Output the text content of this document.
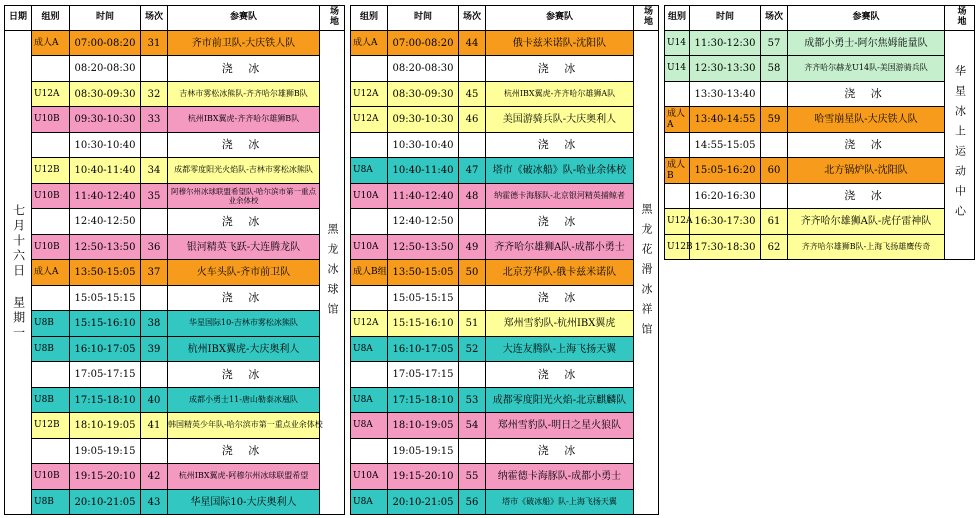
日期	组别	时间	场次	参赛队	场地
七月十六日 星期一	成人A	07:00-08:20	31	齐市前卫队-大庆铁人队	黑龙冰球馆
		08:20-08:30		浇 冰	
	U12A	08:30-09:30	32	吉林市雾松冰熊队-齐齐哈尔雄狮B队	
	U10B	09:30-10:30	33	杭州IBX翼虎-齐齐哈尔雄狮B队	
		10:30-10:40		浇 冰	
	U12B	10:40-11:40	34	成都零度阳光火焰队-吉林市雾松冰熊队	
	U10B	11:40-12:40	35	阿穆尔州冰球联盟希望队-哈尔滨市第一重点业余体校	
		12:40-12:50		浇 冰	
	U10B	12:50-13:50	36	银河精英飞跃-大连腾龙队	
	成人A	13:50-15:05	37	火车头队-齐市前卫队	
		15:05-15:15		浇 冰	
	U8B	15:15-16:10	38	华星国际10-吉林市雾松冰熊队	
	U8B	16:10-17:05	39	杭州IBX翼虎-大庆奥利人	
		17:05-17:15		浇 冰	
	U8B	17:15-18:10	40	成都小勇士11-唐山勒泰冰凰队	
	U12B	18:10-19:05	41	韩国精英少年队-哈尔滨市第一重点业余体校	
		19:05-19:15		浇 冰	
	U10B	19:15-20:10	42	杭州IBX翼虎-阿穆尔州冰球联盟希望	
	U8B	20:10-21:05	43	华星国际10-大庆奥利人	
组别	时间	场次	参赛队	场地
成人A	07:00-08:20	44	俄卡兹米诺队-沈阳队	黑龙花滑冰祥馆
	08:20-08:30		浇 冰	
U12A	08:30-09:30	45	杭州IBX翼虎-齐齐哈尔雄狮A队	
U12A	09:30-10:30	46	美国游骑兵队-大庆奥利人	
	10:30-10:40		浇 冰	
U8A	10:40-11:40	47	塔市《破冰船》队-哈业余体校	
U10A	11:40-12:40	48	纳霍德卡海豚队-北京银河精英捕鲸者	
	12:40-12:50		浇 冰	
U10A	12:50-13:50	49	齐齐哈尔雄狮A队-成都小勇士	
成人B组	13:50-15:05	50	北京芳华队-俄卡兹米诺队	
	15:05-15:15		浇 冰	
U12A	15:15-16:10	51	郑州雪豹队-杭州IBX翼虎	
U8A	16:10-17:05	52	大连友腾队-上海飞扬天翼	
	17:05-17:15		浇 冰	
U8A	17:15-18:10	53	成都零度阳光火焰-北京麒麟队	
U8A	18:10-19:05	54	郑州雪豹队-明日之星火狼队	
	19:05-19:15		浇 冰	
U10A	19:15-20:10	55	纳霍德卡海豚队-成都小勇士	
U8A	20:10-21:05	56	塔市《破冰船》队-上海飞扬天翼	
组别	时间	场次	参赛队	场地
U14	11:30-12:30	57	成都小勇士-阿尔焦姆能量队	华星冰上运动中心
U14	12:30-13:30	58	齐齐哈尔赫龙U14队-美国游骑兵队	
	13:30-13:40		浇 冰	
成人A	13:40-14:55	59	哈雪崩星队-大庆铁人队	
	14:55-15:05		浇 冰	
成人B	15:05-16:20	60	北方锅炉队-沈阳队	
	16:20-16:30		浇 冰	
U12A	16:30-17:30	61	齐齐哈尔雄狮A队-虎仔雷神队	
U12B	17:30-18:30	62	齐齐哈尔雄狮B队-上海飞扬雄鹰传奇	
